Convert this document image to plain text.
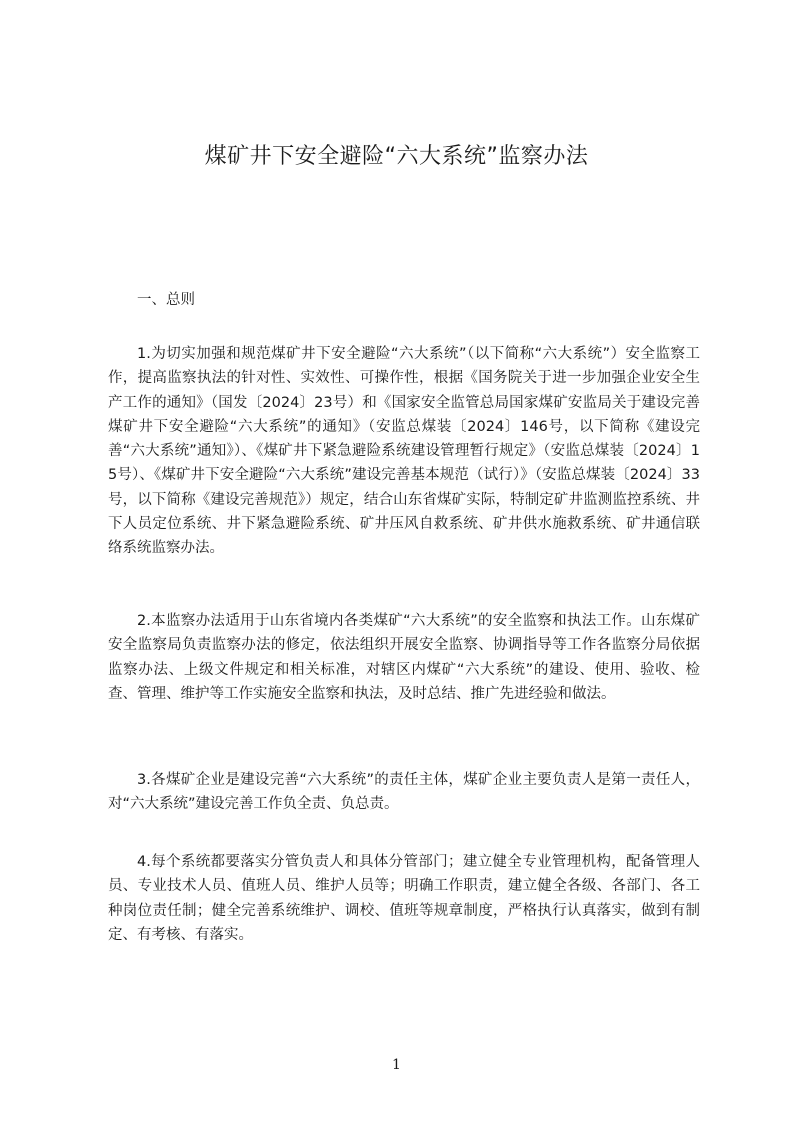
煤矿井下安全避险“六大系统”监察办法
一、总则
1.为切实加强和规范煤矿井下安全避险“六大系统”（以下简称“六大系统”）安全监察工作，提高监察执法的针对性、实效性、可操作性，根据《国务院关于进一步加强企业安全生产工作的通知》（国发〔2024〕23号）和《国家安全监管总局国家煤矿安监局关于建设完善煤矿井下安全避险“六大系统”的通知》（安监总煤装〔2024〕146号，以下简称《建设完善“六大系统”通知》）、《煤矿井下紧急避险系统建设管理暂行规定》（安监总煤装〔2024〕15号）、《煤矿井下安全避险“六大系统”建设完善基本规范（试行）》（安监总煤装〔2024〕33号，以下简称《建设完善规范》）规定，结合山东省煤矿实际，特制定矿井监测监控系统、井下人员定位系统、井下紧急避险系统、矿井压风自救系统、矿井供水施救系统、矿井通信联络系统监察办法。
2.本监察办法适用于山东省境内各类煤矿“六大系统”的安全监察和执法工作。山东煤矿安全监察局负责监察办法的修定，依法组织开展安全监察、协调指导等工作各监察分局依据监察办法、上级文件规定和相关标准，对辖区内煤矿“六大系统”的建设、使用、验收、检查、管理、维护等工作实施安全监察和执法，及时总结、推广先进经验和做法。
3.各煤矿企业是建设完善“六大系统”的责任主体，煤矿企业主要负责人是第一责任人，对“六大系统”建设完善工作负全责、负总责。
4.每个系统都要落实分管负责人和具体分管部门；建立健全专业管理机构，配备管理人员、专业技术人员、值班人员、维护人员等；明确工作职责，建立健全各级、各部门、各工种岗位责任制；健全完善系统维护、调校、值班等规章制度，严格执行认真落实，做到有制定、有考核、有落实。
1
